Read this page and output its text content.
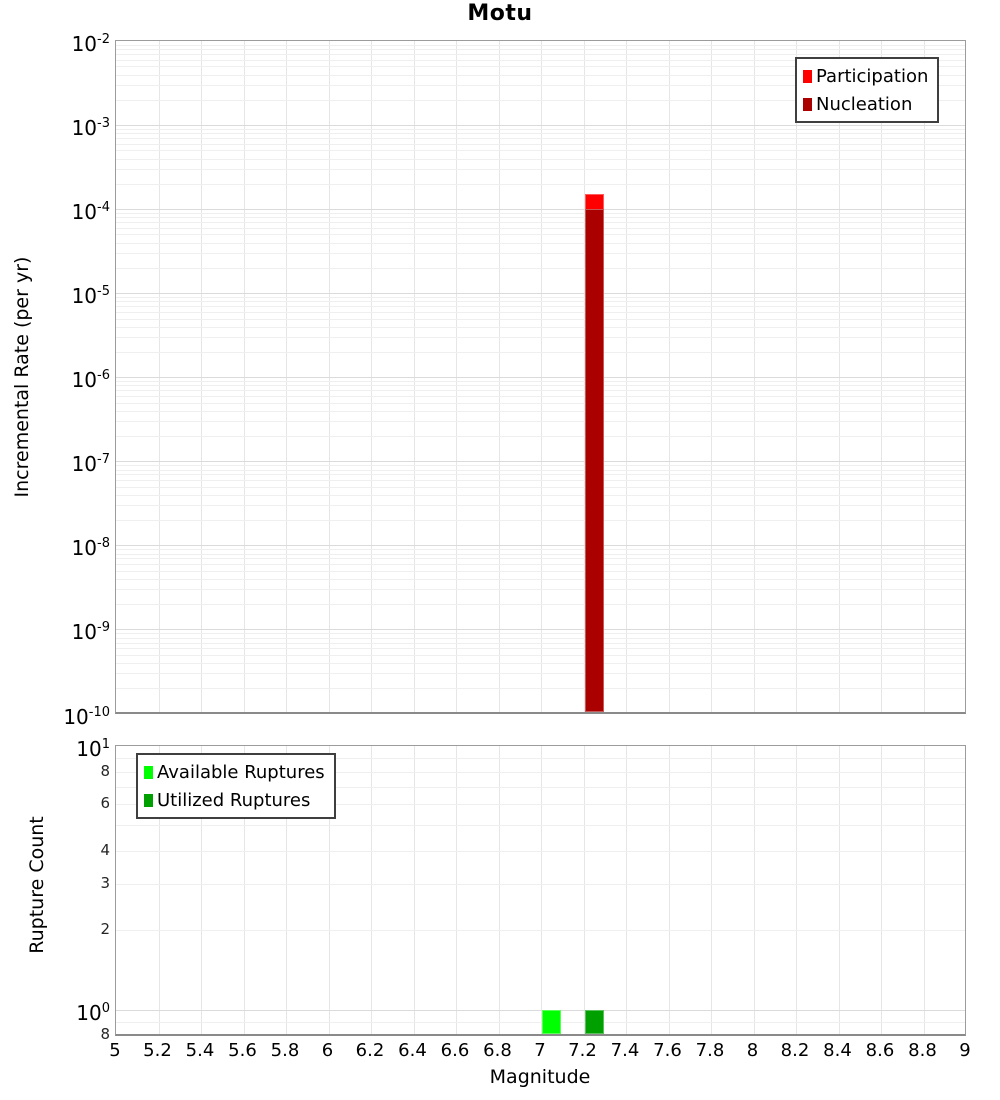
Motu
Incremental Rate (per yr)
Rupture Count
Magnitude
Participation
Nucleation
Available Ruptures
Utilized Ruptures
$10^{-2}$
$10^{-3}$
$10^{-4}$
$10^{-5}$
$10^{-6}$
$10^{-7}$
$10^{-8}$
$10^{-9}$
$10^{-10}$
$10^1$
8
6
4
3
2
$10^0$
8
5	5.2 5.4 5.6 5.8	6	6.2 6.4 6.6 6.8	7	7.2 7.4 7.6 7.8	8	8.2 8.4 8.6 8.8	9
